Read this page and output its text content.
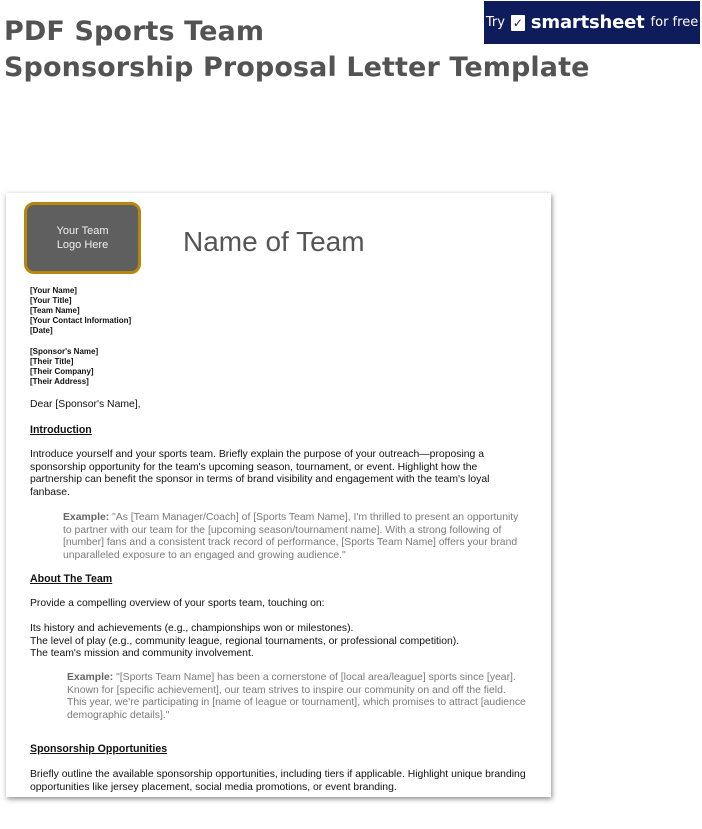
PDF Sports Team
Sponsorship Proposal Letter Template
Try ✓ smartsheet for free
Your Team
Logo Here	Name of Team
[Your Name]
[Your Title]
[Team Name]
[Your Contact Information]
[Date]
[Sponsor's Name]
[Their Title]
[Their Company]
[Their Address]
Dear [Sponsor's Name],
Introduction
Introduce yourself and your sports team. Briefly explain the purpose of your outreach—proposing a sponsorship opportunity for the team's upcoming season, tournament, or event. Highlight how the partnership can benefit the sponsor in terms of brand visibility and engagement with the team's loyal fanbase.
Example: "As [Team Manager/Coach] of [Sports Team Name], I'm thrilled to present an opportunity to partner with our team for the [upcoming season/tournament name]. With a strong following of [number] fans and a consistent track record of performance, [Sports Team Name] offers your brand unparalleled exposure to an engaged and growing audience."
About The Team
Provide a compelling overview of your sports team, touching on:
Its history and achievements (e.g., championships won or milestones).
The level of play (e.g., community league, regional tournaments, or professional competition).
The team's mission and community involvement.
Example: "[Sports Team Name] has been a cornerstone of [local area/league] sports since [year]. Known for [specific achievement], our team strives to inspire our community on and off the field. This year, we're participating in [name of league or tournament], which promises to attract [audience demographic details]."
Sponsorship Opportunities
Briefly outline the available sponsorship opportunities, including tiers if applicable. Highlight unique branding opportunities like jersey placement, social media promotions, or event branding.
